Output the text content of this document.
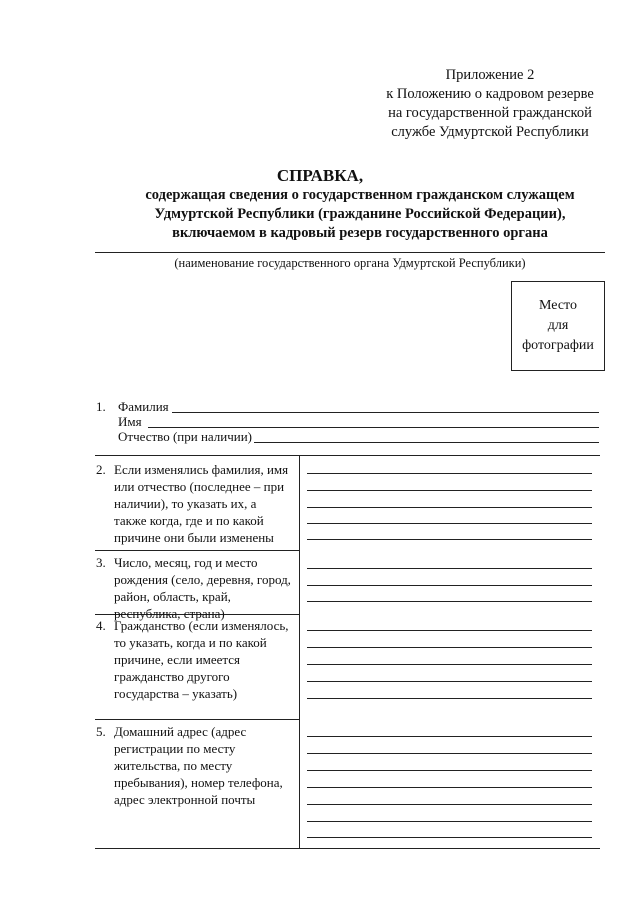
Приложение 2
к Положению о кадровом резерве
на государственной гражданской
службе Удмуртской Республики
СПРАВКА,
содержащая сведения о государственном гражданском служащем
Удмуртской Республики (гражданине Российской Федерации),
включаемом в кадровый резерв государственного органа
(наименование государственного органа Удмуртской Республики)
Место
для
фотографии
1. Фамилия
Имя
Отчество (при наличии)
2. Если изменялись фамилия, имя
или отчество (последнее – при
наличии), то указать их, а
также когда, где и по какой
причине они были изменены
3. Число, месяц, год и место
рождения (село, деревня, город,
район, область, край,
республика, страна)
4. Гражданство (если изменялось,
то указать, когда и по какой
причине, если имеется
гражданство другого
государства – указать)
5. Домашний адрес (адрес
регистрации по месту
жительства, по месту
пребывания), номер телефона,
адрес электронной почты
